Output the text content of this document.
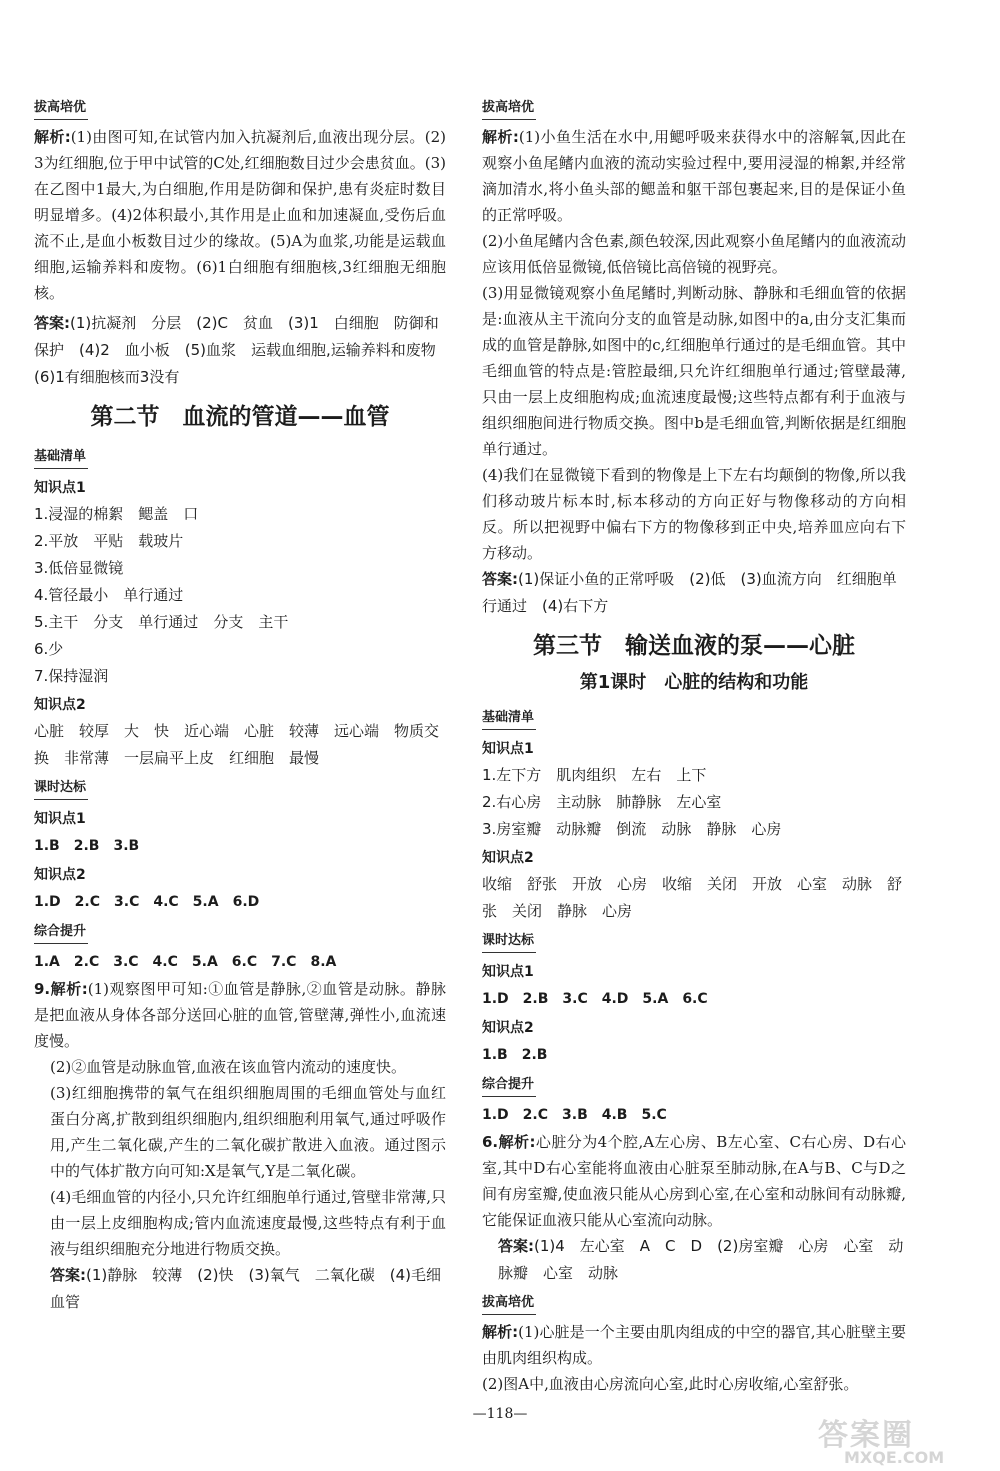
拔高培优

解析:(1)由图可知,在试管内加入抗凝剂后,血液出现分层。(2)3为红细胞,位于甲中试管的C处,红细胞数目过少会患贫血。(3)在乙图中1最大,为白细胞,作用是防御和保护,患有炎症时数目明显增多。(4)2体积最小,其作用是止血和加速凝血,受伤后血流不止,是血小板数目过少的缘故。(5)A为血浆,功能是运载血细胞,运输养料和废物。(6)1白细胞有细胞核,3红细胞无细胞核。

答案:(1)抗凝剂　分层　(2)C　贫血　(3)1　白细胞　防御和保护　(4)2　血小板　(5)血浆　运载血细胞,运输养料和废物　(6)1有细胞核而3没有

第二节　血流的管道——血管
基础清单

知识点1

1.浸湿的棉絮　鳃盖　口

2.平放　平贴　载玻片

3.低倍显微镜

4.管径最小　单行通过

5.主干　分支　单行通过　分支　主干

6.少

7.保持湿润

知识点2

心脏　较厚　大　快　近心端　心脏　较薄　远心端　物质交换　非常薄　一层扁平上皮　红细胞　最慢

课时达标

知识点1

1.B　2.B　3.B

知识点2

1.D　2.C　3.C　4.C　5.A　6.D

综合提升

1.A　2.C　3.C　4.C　5.A　6.C　7.C　8.A

9.解析:(1)观察图甲可知:①血管是静脉,②血管是动脉。静脉是把血液从身体各部分送回心脏的血管,管壁薄,弹性小,血流速度慢。

(2)②血管是动脉血管,血液在该血管内流动的速度快。

(3)红细胞携带的氧气在组织细胞周围的毛细血管处与血红蛋白分离,扩散到组织细胞内,组织细胞利用氧气,通过呼吸作用,产生二氧化碳,产生的二氧化碳扩散进入血液。通过图示中的气体扩散方向可知:X是氧气,Y是二氧化碳。

(4)毛细血管的内径小,只允许红细胞单行通过,管壁非常薄,只由一层上皮细胞构成;管内血流速度最慢,这些特点有利于血液与组织细胞充分地进行物质交换。

答案:(1)静脉　较薄　(2)快　(3)氧气　二氧化碳　(4)毛细血管

拔高培优

解析:(1)小鱼生活在水中,用鳃呼吸来获得水中的溶解氧,因此在观察小鱼尾鳍内血液的流动实验过程中,要用浸湿的棉絮,并经常滴加清水,将小鱼头部的鳃盖和躯干部包裹起来,目的是保证小鱼的正常呼吸。

(2)小鱼尾鳍内含色素,颜色较深,因此观察小鱼尾鳍内的血液流动应该用低倍显微镜,低倍镜比高倍镜的视野亮。

(3)用显微镜观察小鱼尾鳍时,判断动脉、静脉和毛细血管的依据是:血液从主干流向分支的血管是动脉,如图中的a,由分支汇集而成的血管是静脉,如图中的c,红细胞单行通过的是毛细血管。其中毛细血管的特点是:管腔最细,只允许红细胞单行通过;管壁最薄,只由一层上皮细胞构成;血流速度最慢;这些特点都有利于血液与组织细胞间进行物质交换。图中b是毛细血管,判断依据是红细胞单行通过。

(4)我们在显微镜下看到的物像是上下左右均颠倒的物像,所以我们移动玻片标本时,标本移动的方向正好与物像移动的方向相反。所以把视野中偏右下方的物像移到正中央,培养皿应向右下方移动。

答案:(1)保证小鱼的正常呼吸　(2)低　(3)血流方向　红细胞单行通过　(4)右下方

第三节　输送血液的泵——心脏
第1课时　心脏的结构和功能
基础清单

知识点1

1.左下方　肌肉组织　左右　上下

2.右心房　主动脉　肺静脉　左心室

3.房室瓣　动脉瓣　倒流　动脉　静脉　心房

知识点2

收缩　舒张　开放　心房　收缩　关闭　开放　心室　动脉　舒张　关闭　静脉　心房

课时达标

知识点1

1.D　2.B　3.C　4.D　5.A　6.C

知识点2

1.B　2.B

综合提升

1.D　2.C　3.B　4.B　5.C

6.解析:心脏分为4个腔,A左心房、B左心室、C右心房、D右心室,其中D右心室能将血液由心脏泵至肺动脉,在A与B、C与D之间有房室瓣,使血液只能从心房到心室,在心室和动脉间有动脉瓣,它能保证血液只能从心室流向动脉。

答案:(1)4　左心室　A　C　D　(2)房室瓣　心房　心室　动脉瓣　心室　动脉

拔高培优

解析:(1)心脏是一个主要由肌肉组成的中空的器官,其心脏壁主要由肌肉组织构成。

(2)图A中,血液由心房流向心室,此时心房收缩,心室舒张。

—118—
答案圈
MXQE.COM
